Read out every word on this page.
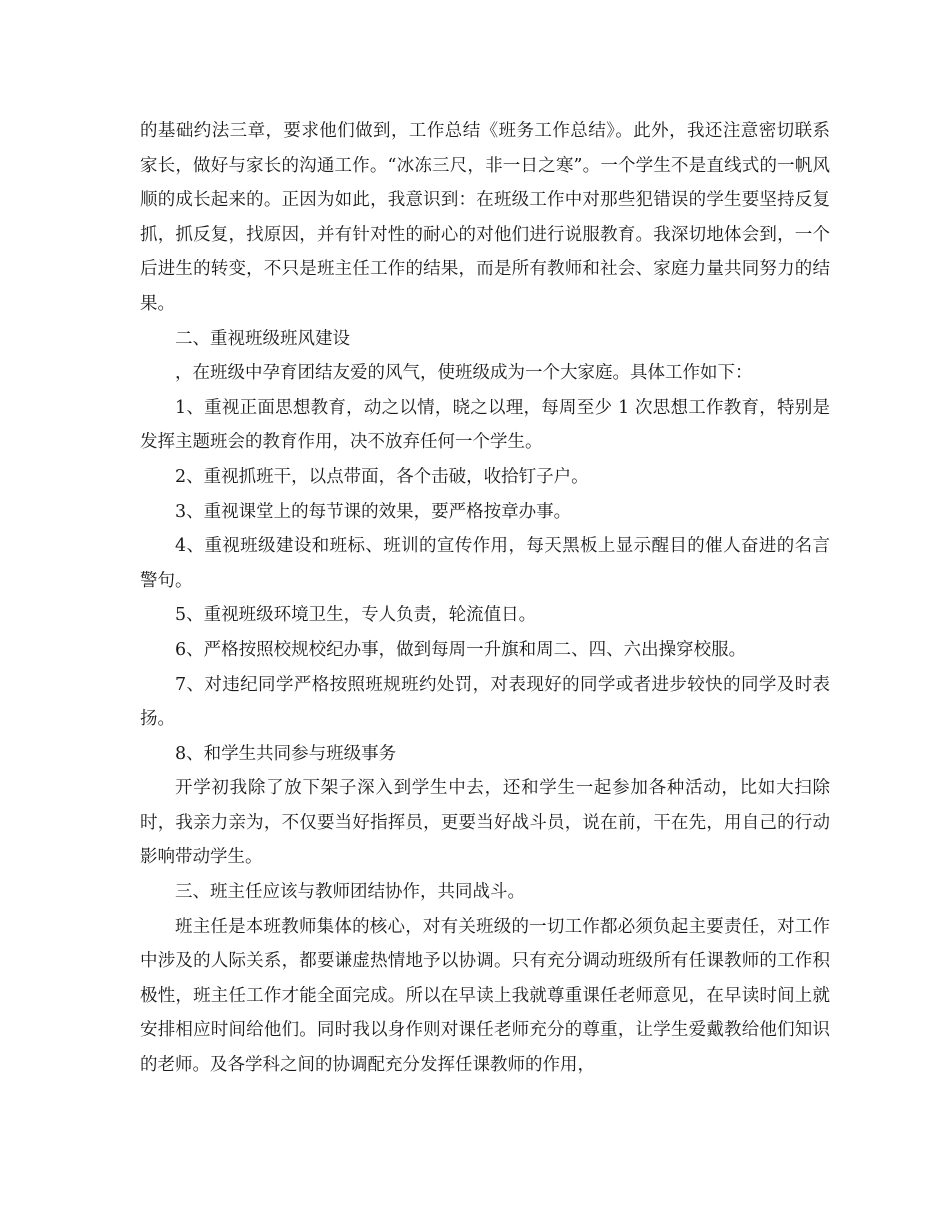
的基础约法三章，要求他们做到，工作总结《班务工作总结》。此外，我还注意密切联系家长，做好与家长的沟通工作。“冰冻三尺，非一日之寒”。一个学生不是直线式的一帆风顺的成长起来的。正因为如此，我意识到：在班级工作中对那些犯错误的学生要坚持反复抓，抓反复，找原因，并有针对性的耐心的对他们进行说服教育。我深切地体会到，一个后进生的转变，不只是班主任工作的结果，而是所有教师和社会、家庭力量共同努力的结果。

二、重视班级班风建设

，在班级中孕育团结友爱的风气，使班级成为一个大家庭。具体工作如下：

1、重视正面思想教育，动之以情，晓之以理，每周至少 1 次思想工作教育，特别是发挥主题班会的教育作用，决不放弃任何一个学生。

2、重视抓班干，以点带面，各个击破，收拾钉子户。

3、重视课堂上的每节课的效果，要严格按章办事。

4、重视班级建设和班标、班训的宣传作用，每天黑板上显示醒目的催人奋进的名言警句。

5、重视班级环境卫生，专人负责，轮流值日。

6、严格按照校规校纪办事，做到每周一升旗和周二、四、六出操穿校服。

7、对违纪同学严格按照班规班约处罚，对表现好的同学或者进步较快的同学及时表扬。

8、和学生共同参与班级事务

开学初我除了放下架子深入到学生中去，还和学生一起参加各种活动，比如大扫除时，我亲力亲为，不仅要当好指挥员，更要当好战斗员，说在前，干在先，用自己的行动影响带动学生。

三、班主任应该与教师团结协作，共同战斗。

班主任是本班教师集体的核心，对有关班级的一切工作都必须负起主要责任，对工作中涉及的人际关系，都要谦虚热情地予以协调。只有充分调动班级所有任课教师的工作积极性，班主任工作才能全面完成。所以在早读上我就尊重课任老师意见，在早读时间上就安排相应时间给他们。同时我以身作则对课任老师充分的尊重，让学生爱戴教给他们知识的老师。及各学科之间的协调配充分发挥任课教师的作用，
